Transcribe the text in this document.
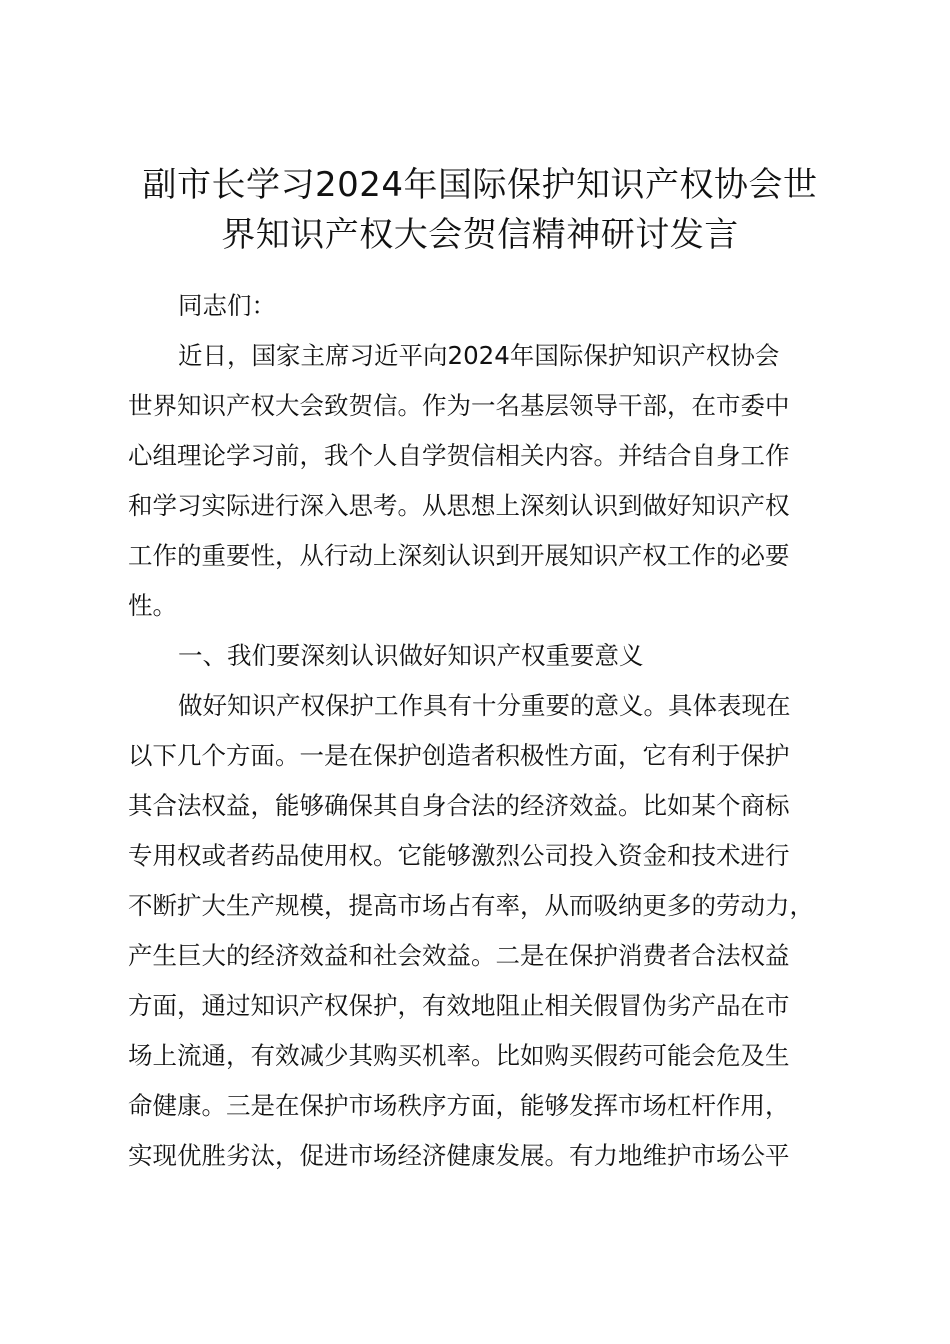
副市长学习2024年国际保护知识产权协会世
界知识产权大会贺信精神研讨发言
同志们：
近日，国家主席习近平向2024年国际保护知识产权协会
世界知识产权大会致贺信。作为一名基层领导干部，在市委中
心组理论学习前，我个人自学贺信相关内容。并结合自身工作
和学习实际进行深入思考。从思想上深刻认识到做好知识产权
工作的重要性，从行动上深刻认识到开展知识产权工作的必要
性。
一、我们要深刻认识做好知识产权重要意义
做好知识产权保护工作具有十分重要的意义。具体表现在
以下几个方面。一是在保护创造者积极性方面，它有利于保护
其合法权益，能够确保其自身合法的经济效益。比如某个商标
专用权或者药品使用权。它能够激烈公司投入资金和技术进行
不断扩大生产规模，提高市场占有率，从而吸纳更多的劳动力，
产生巨大的经济效益和社会效益。二是在保护消费者合法权益
方面，通过知识产权保护，有效地阻止相关假冒伪劣产品在市
场上流通，有效减少其购买机率。比如购买假药可能会危及生
命健康。三是在保护市场秩序方面，能够发挥市场杠杆作用，
实现优胜劣汰，促进市场经济健康发展。有力地维护市场公平
